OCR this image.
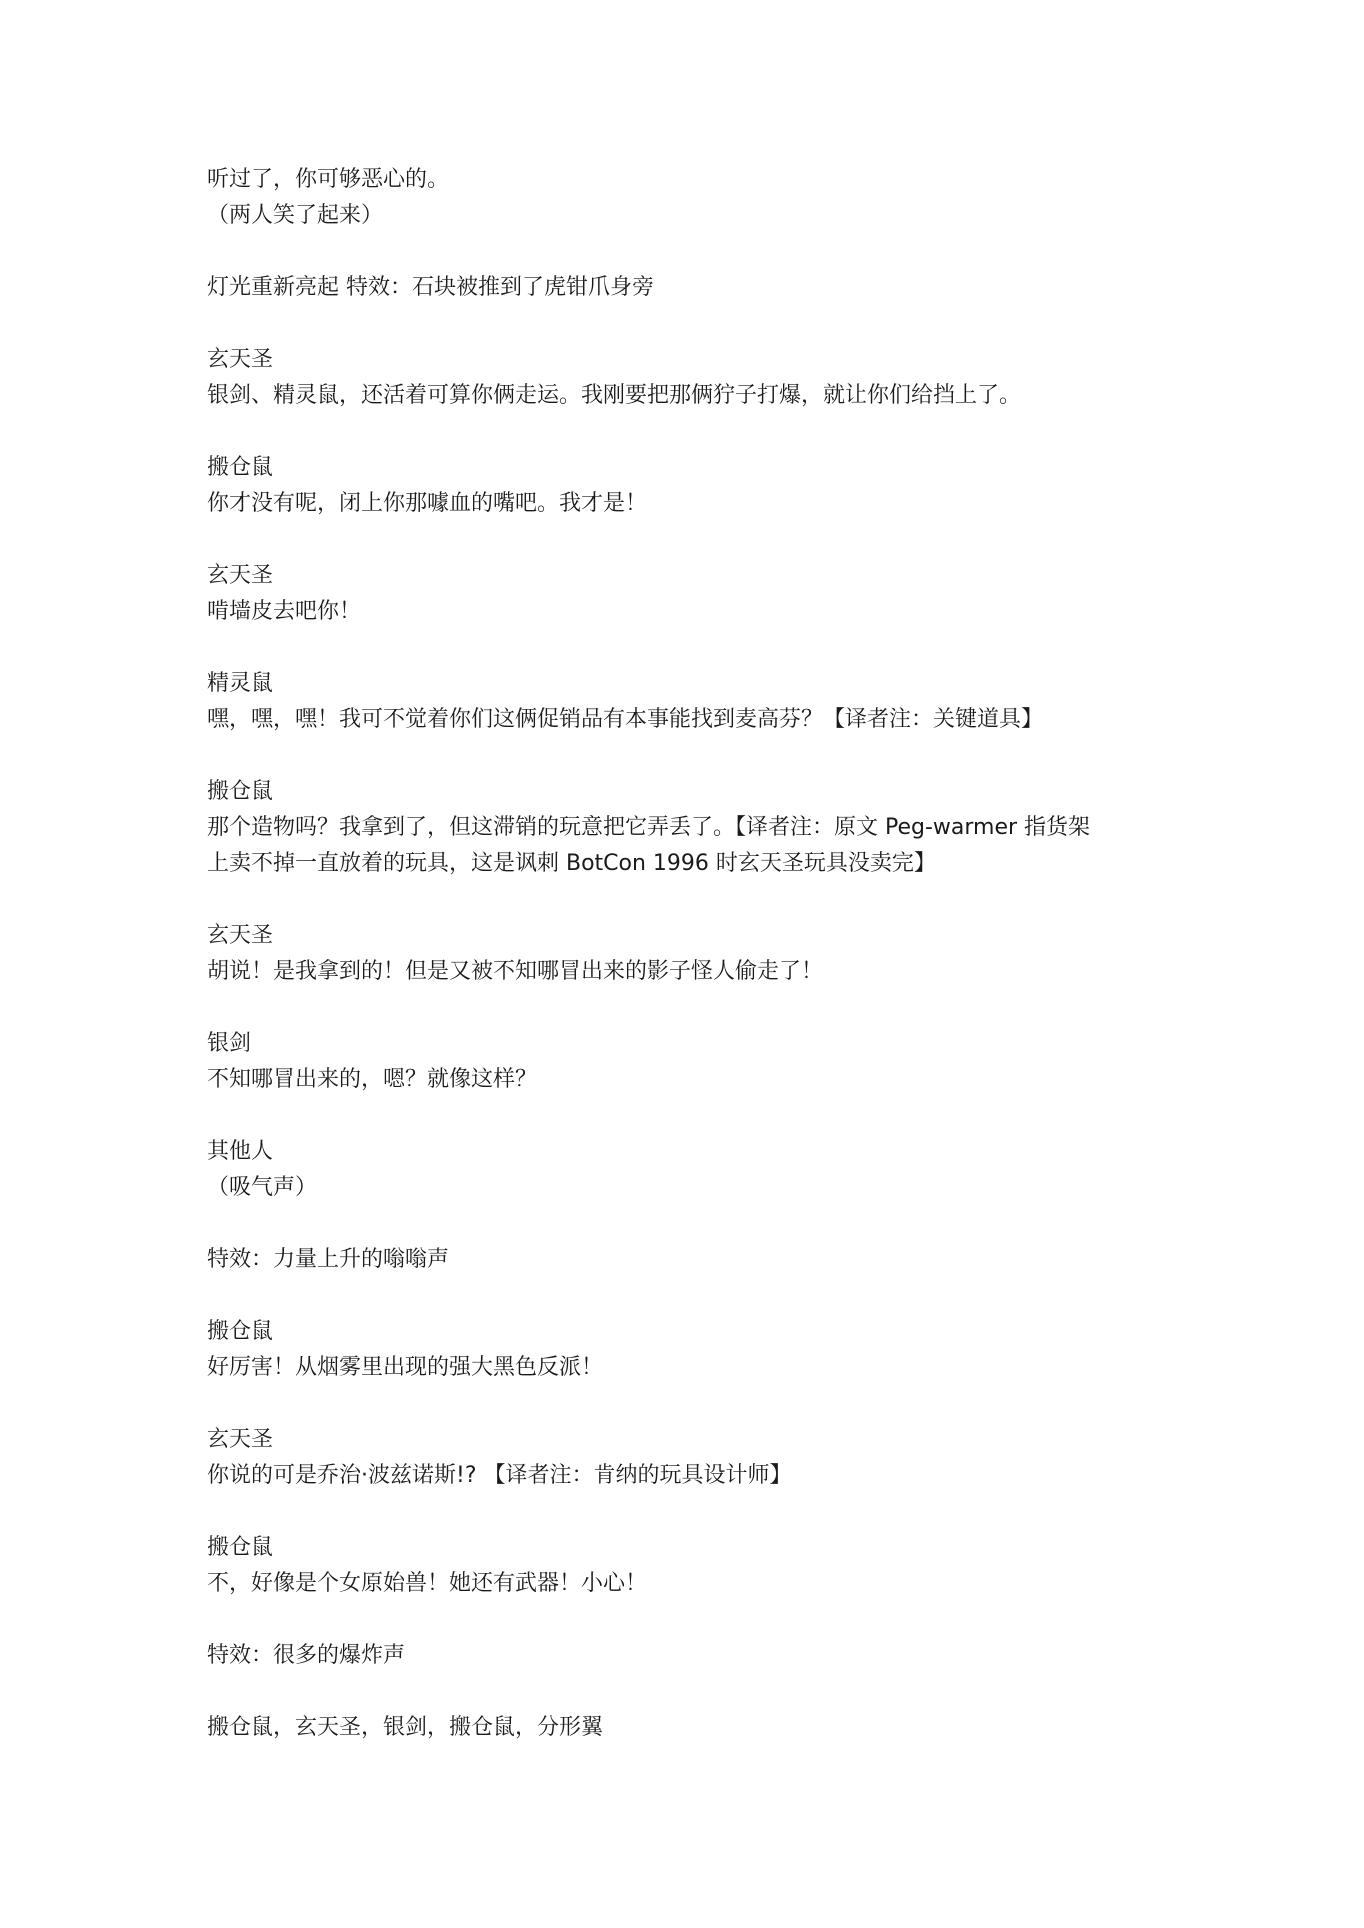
听过了，你可够恶心的。
（两人笑了起来）
灯光重新亮起 特效：石块被推到了虎钳爪身旁
玄天圣
银剑、精灵鼠，还活着可算你俩走运。我刚要把那俩狞子打爆，就让你们给挡上了。
搬仓鼠
你才没有呢，闭上你那噱血的嘴吧。我才是！
玄天圣
啃墙皮去吧你！
精灵鼠
嘿，嘿，嘿！我可不觉着你们这俩促销品有本事能找到麦高芬？【译者注：关键道具】
搬仓鼠
那个造物吗？我拿到了，但这滞销的玩意把它弄丢了。【译者注：原文 Peg-warmer 指货架
上卖不掉一直放着的玩具，这是讽刺 BotCon 1996 时玄天圣玩具没卖完】
玄天圣
胡说！是我拿到的！但是又被不知哪冒出来的影子怪人偷走了！
银剑
不知哪冒出来的，嗯？就像这样？
其他人
（吸气声）
特效：力量上升的嗡嗡声
搬仓鼠
好厉害！从烟雾里出现的强大黑色反派！
玄天圣
你说的可是乔治·波兹诺斯!? 【译者注：肯纳的玩具设计师】
搬仓鼠
不，好像是个女原始兽！她还有武器！小心！
特效：很多的爆炸声
搬仓鼠，玄天圣，银剑，搬仓鼠，分形翼
